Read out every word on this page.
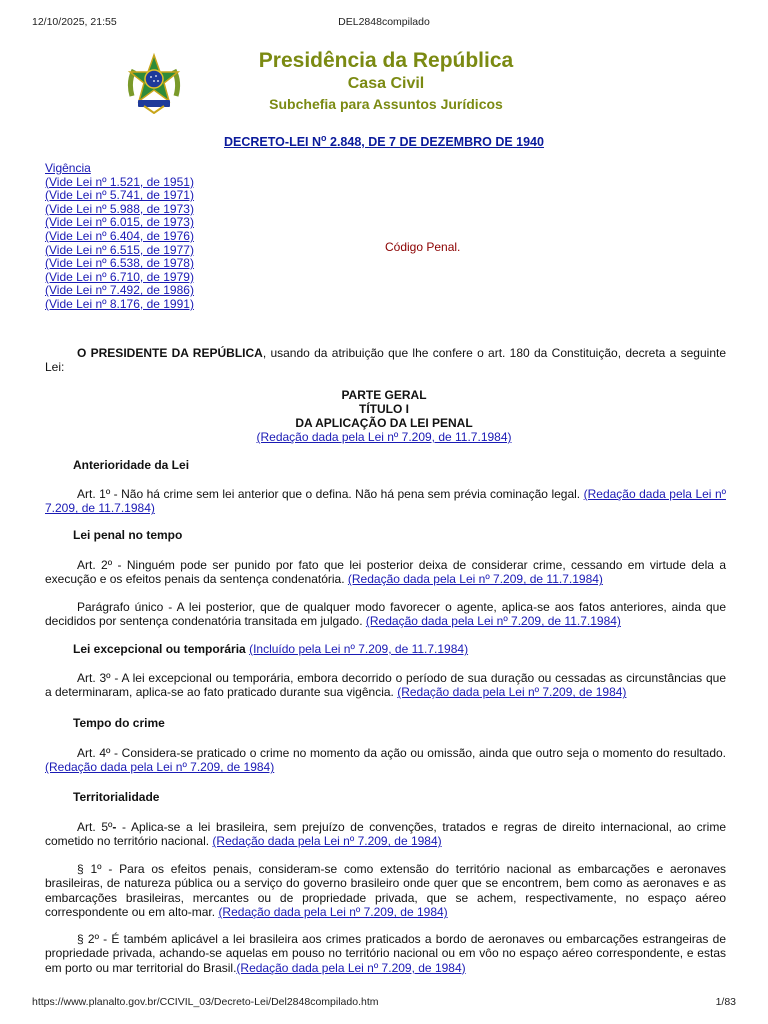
12/10/2025, 21:55	DEL2848compilado
Presidência da República
Casa Civil
Subchefia para Assuntos Jurídicos
DECRETO-LEI $N^o$ 2.848, DE 7 DE DEZEMBRO DE 1940
Vigência
(Vide Lei nº 1.521, de 1951)
(Vide Lei nº 5.741, de 1971)
(Vide Lei nº 5.988, de 1973)
(Vide Lei nº 6.015, de 1973)
(Vide Lei nº 6.404, de 1976)
(Vide Lei nº 6.515, de 1977)
(Vide Lei nº 6.538, de 1978)
(Vide Lei nº 6.710, de 1979)
(Vide Lei nº 7.492, de 1986)
(Vide Lei nº 8.176, de 1991)
Código Penal.
O PRESIDENTE DA REPÚBLICA, usando da atribuição que lhe confere o art. 180 da Constituição, decreta a seguinte Lei:
PARTE GERAL
TÍTULO I
DA APLICAÇÃO DA LEI PENAL
(Redação dada pela Lei nº 7.209, de 11.7.1984)
Anterioridade da Lei
Art. 1º - Não há crime sem lei anterior que o defina. Não há pena sem prévia cominação legal. (Redação dada pela Lei nº 7.209, de 11.7.1984)
Lei penal no tempo
Art. 2º - Ninguém pode ser punido por fato que lei posterior deixa de considerar crime, cessando em virtude dela a execução e os efeitos penais da sentença condenatória. (Redação dada pela Lei nº 7.209, de 11.7.1984)
Parágrafo único - A lei posterior, que de qualquer modo favorecer o agente, aplica-se aos fatos anteriores, ainda que decididos por sentença condenatória transitada em julgado. (Redação dada pela Lei nº 7.209, de 11.7.1984)
Lei excepcional ou temporária (Incluído pela Lei nº 7.209, de 11.7.1984)
Art. 3º - A lei excepcional ou temporária, embora decorrido o período de sua duração ou cessadas as circunstâncias que a determinaram, aplica-se ao fato praticado durante sua vigência. (Redação dada pela Lei nº 7.209, de 1984)
Tempo do crime
Art. 4º - Considera-se praticado o crime no momento da ação ou omissão, ainda que outro seja o momento do resultado.(Redação dada pela Lei nº 7.209, de 1984)
Territorialidade
Art. 5º- - Aplica-se a lei brasileira, sem prejuízo de convenções, tratados e regras de direito internacional, ao crime cometido no território nacional. (Redação dada pela Lei nº 7.209, de 1984)
§ 1º - Para os efeitos penais, consideram-se como extensão do território nacional as embarcações e aeronaves brasileiras, de natureza pública ou a serviço do governo brasileiro onde quer que se encontrem, bem como as aeronaves e as embarcações brasileiras, mercantes ou de propriedade privada, que se achem, respectivamente, no espaço aéreo correspondente ou em alto-mar. (Redação dada pela Lei nº 7.209, de 1984)
§ 2º - É também aplicável a lei brasileira aos crimes praticados a bordo de aeronaves ou embarcações estrangeiras de propriedade privada, achando-se aquelas em pouso no território nacional ou em vôo no espaço aéreo correspondente, e estas em porto ou mar territorial do Brasil.(Redação dada pela Lei nº 7.209, de 1984)
https://www.planalto.gov.br/CCIVIL_03/Decreto-Lei/Del2848compilado.htm	1/83
